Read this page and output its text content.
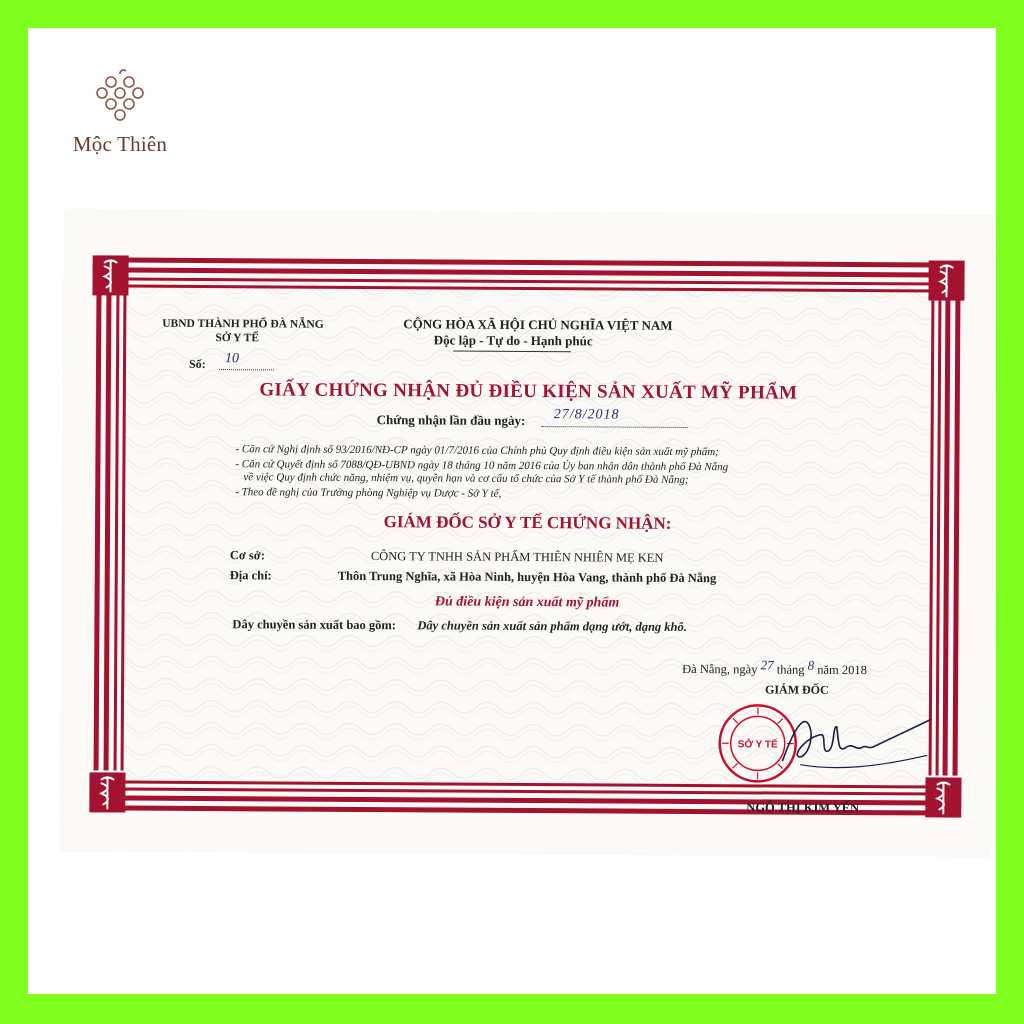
Mộc Thiên
UBND THÀNH PHỐ ĐÀ NẴNG
SỞ Y TẾ
Số: 10
CỘNG HÒA XÃ HỘI CHỦ NGHĨA VIỆT NAM
Độc lập - Tự do - Hạnh phúc
GIẤY CHỨNG NHẬN ĐỦ ĐIỀU KIỆN SẢN XUẤT MỸ PHẨM
Chứng nhận lần đầu ngày: 27/8/2018
- Căn cứ Nghị định số 93/2016/NĐ-CP ngày 01/7/2016 của Chính phủ Quy định điều kiện sản xuất mỹ phẩm;
- Căn cứ Quyết định số 7088/QĐ-UBND ngày 18 tháng 10 năm 2016 của Ủy ban nhân dân thành phố Đà Nẵng
về việc Quy định chức năng, nhiệm vụ, quyền hạn và cơ cấu tổ chức của Sở Y tế thành phố Đà Nẵng;
- Theo đề nghị của Trưởng phòng Nghiệp vụ Dược - Sở Y tế,
GIÁM ĐỐC SỞ Y TẾ CHỨNG NHẬN:
Cơ sở:	CÔNG TY TNHH SẢN PHẨM THIÊN NHIÊN MẸ KEN
Địa chỉ:	Thôn Trung Nghĩa, xã Hòa Ninh, huyện Hòa Vang, thành phố Đà Nẵng
Đủ điều kiện sản xuất mỹ phẩm
Dây chuyền sản xuất bao gồm: Dây chuyền sản xuất sản phẩm dạng ướt, dạng khô.
Đà Nẵng, ngày 27 tháng 8 năm 2018
GIÁM ĐỐC
SỞ Y TẾ
NGÔ THỊ KIM YẾN
